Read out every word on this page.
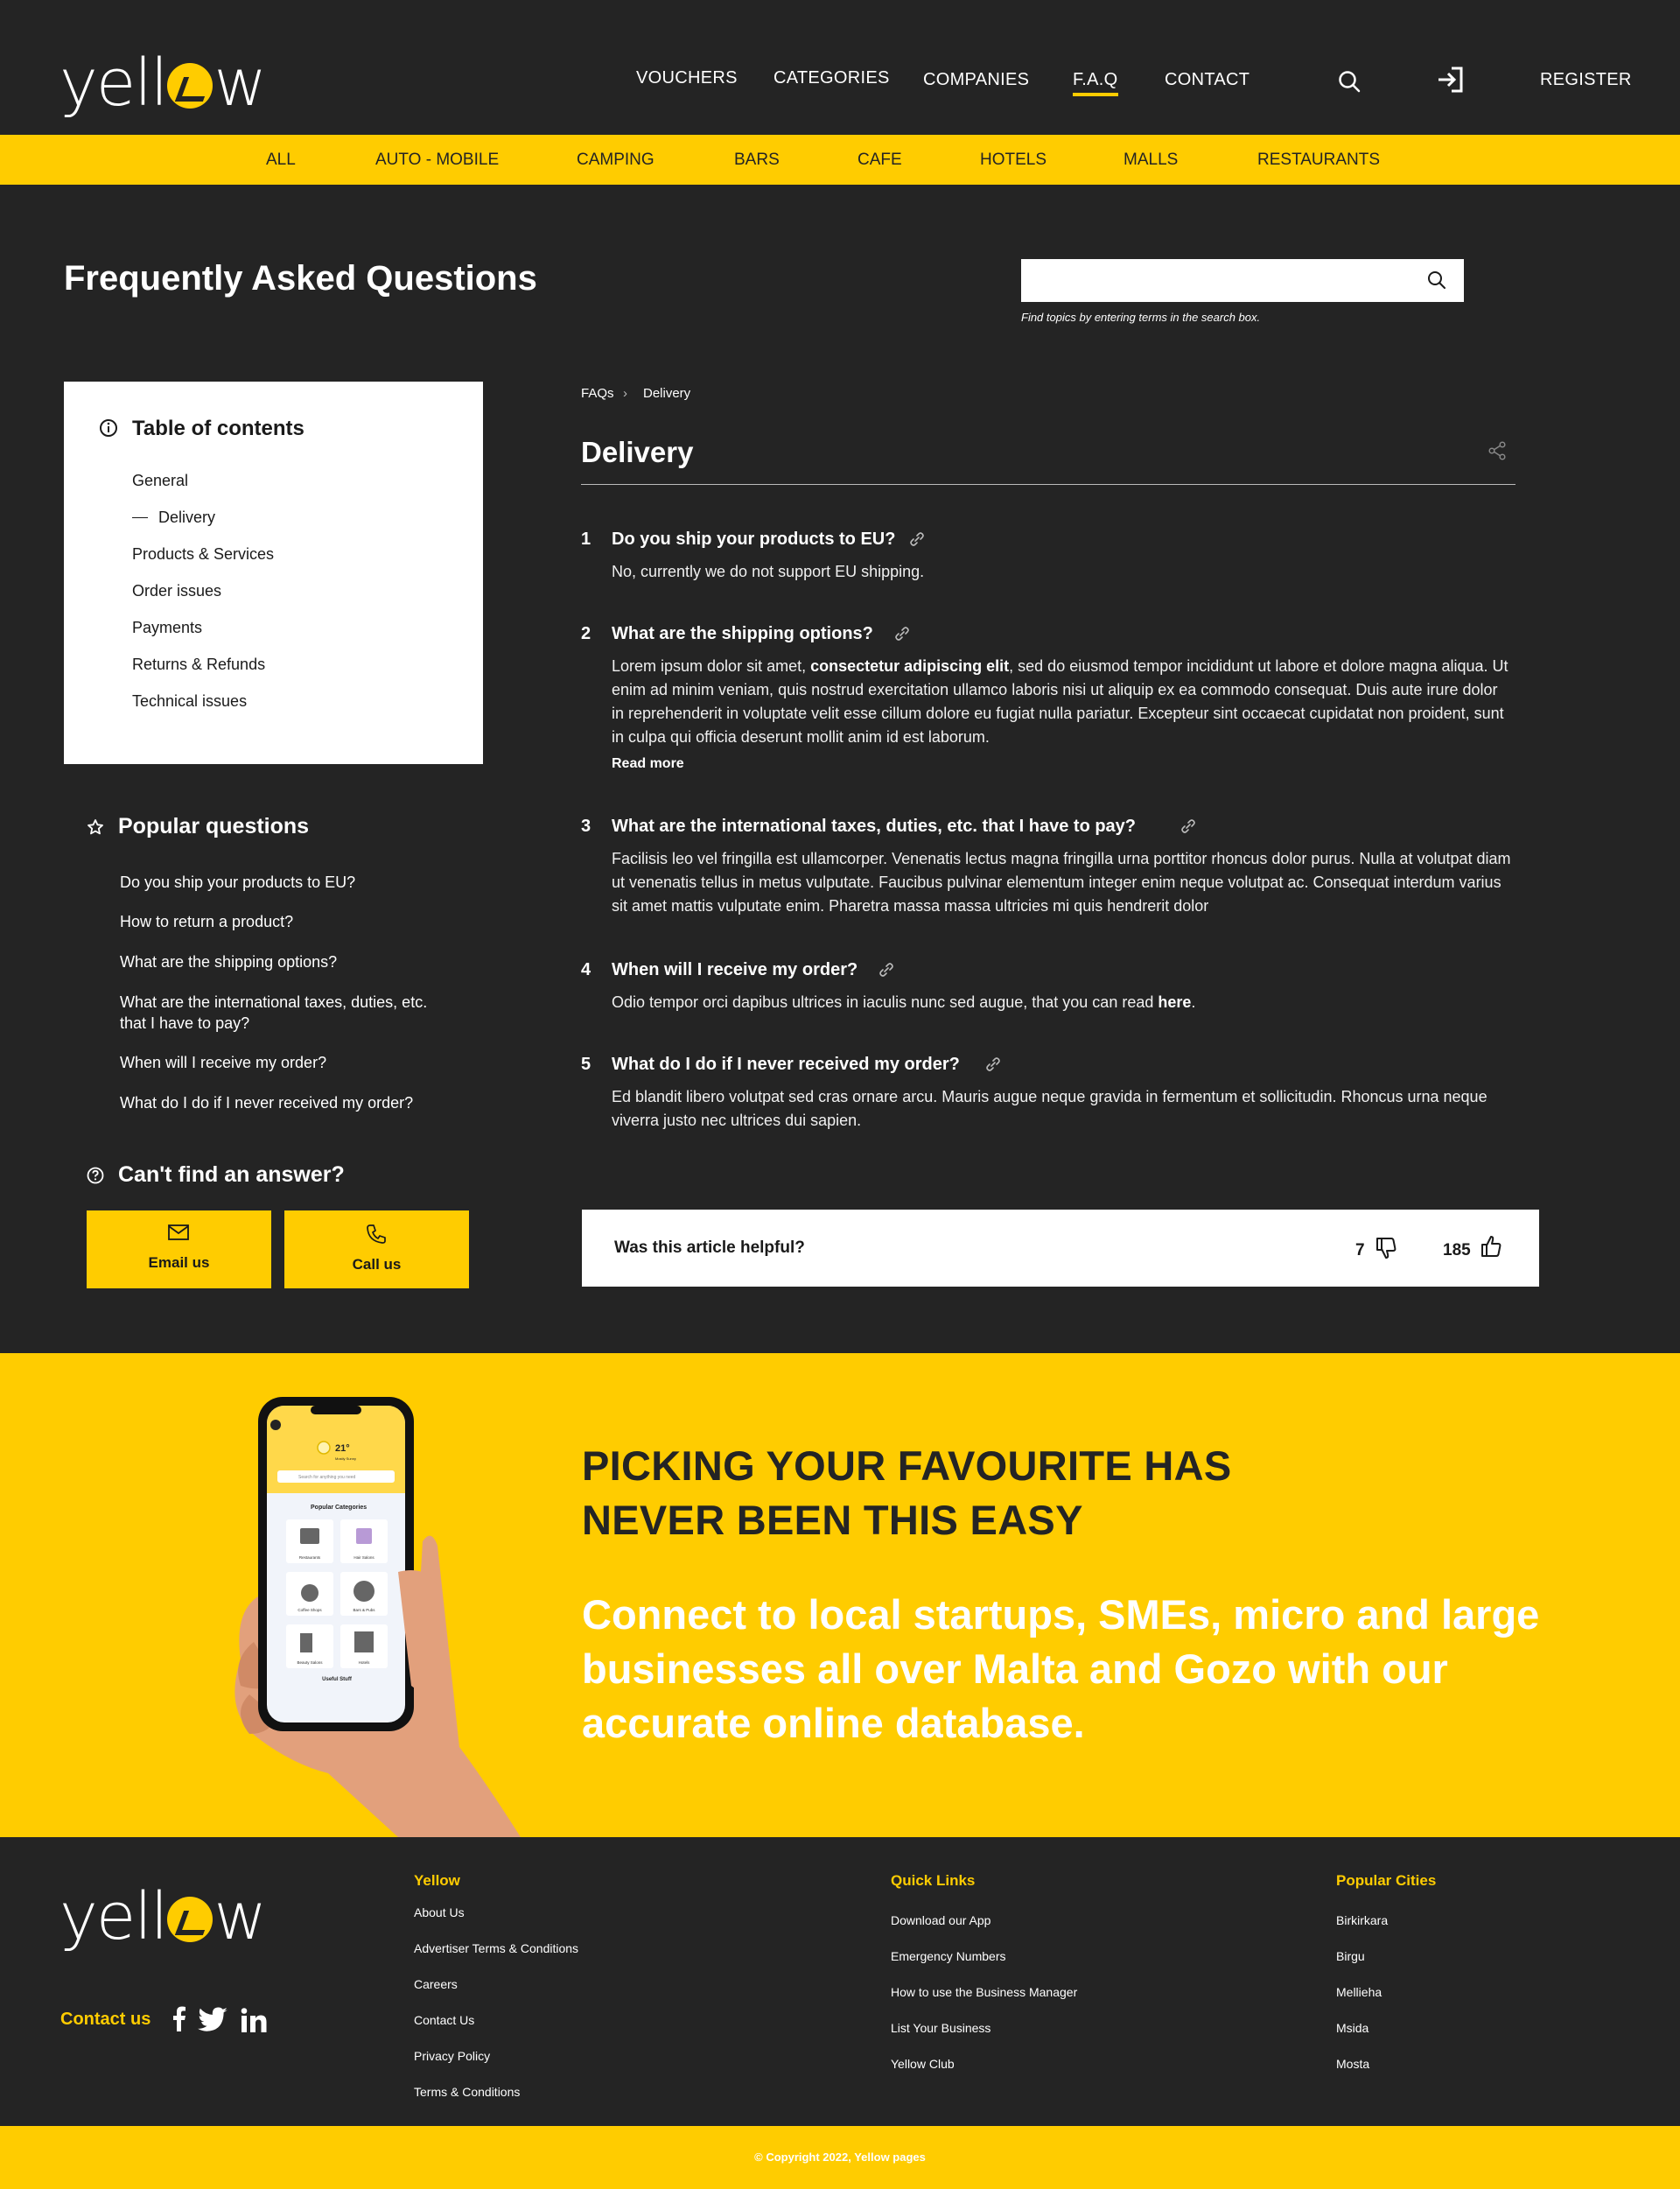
yell w	VOUCHERS CATEGORIES COMPANIES F.A.Q	CONTACT	REGISTER
ALL	AUTO - MOBILE	CAMPING	BARS	CAFE	HOTELS	MALLS	RESTAURANTS
Frequently Asked Questions
Find topics by entering terms in the search box.
Table of contents
General
Delivery
Products & Services
Order issues
Payments
Returns & Refunds
Technical issues
Popular questions
Do you ship your products to EU?
How to return a product?
What are the shipping options?
What are the international taxes, duties, etc. that I have to pay?
When will I receive my order?
What do I do if I never received my order?
Can't find an answer?
Email us	Call us
FAQs › Delivery
Delivery
1 Do you ship your products to EU?
No, currently we do not support EU shipping.
2 What are the shipping options?
Lorem ipsum dolor sit amet, consectetur adipiscing elit, sed do eiusmod tempor incididunt ut labore et dolore magna aliqua. Ut enim ad minim veniam, quis nostrud exercitation ullamco laboris nisi ut aliquip ex ea commodo consequat. Duis aute irure dolor in reprehenderit in voluptate velit esse cillum dolore eu fugiat nulla pariatur. Excepteur sint occaecat cupidatat non proident, sunt in culpa qui officia deserunt mollit anim id est laborum.
Read more
3 What are the international taxes, duties, etc. that I have to pay?
Facilisis leo vel fringilla est ullamcorper. Venenatis lectus magna fringilla urna porttitor rhoncus dolor purus. Nulla at volutpat diam ut venenatis tellus in metus vulputate. Faucibus pulvinar elementum integer enim neque volutpat ac. Consequat interdum varius sit amet mattis vulputate enim. Pharetra massa massa ultricies mi quis hendrerit dolor
4 When will I receive my order?
Odio tempor orci dapibus ultrices in iaculis nunc sed augue, that you can read here.
5 What do I do if I never received my order?
Ed blandit libero volutpat sed cras ornare arcu. Mauris augue neque gravida in fermentum et sollicitudin. Rhoncus urna neque viverra justo nec ultrices dui sapien.
Was this article helpful?	7	185
21°
Mostly Sunny
Search for anything you need
Popular Categories
Restaurants	Hair Salons
Coffee Shops	Bars & Pubs
Beauty Salons	Hotels
Useful Stuff
PICKING YOUR FAVOURITE HAS
NEVER BEEN THIS EASY
Connect to local startups, SMEs, micro and large businesses all over Malta and Gozo with our accurate online database.
yell w
Contact us
Yellow
About Us
Advertiser Terms & Conditions
Careers
Contact Us
Privacy Policy
Terms & Conditions
Quick Links
Download our App
Emergency Numbers
How to use the Business Manager
List Your Business
Yellow Club
Popular Cities
Birkirkara
Birgu
Mellieha
Msida
Mosta
© Copyright 2022, Yellow pages
